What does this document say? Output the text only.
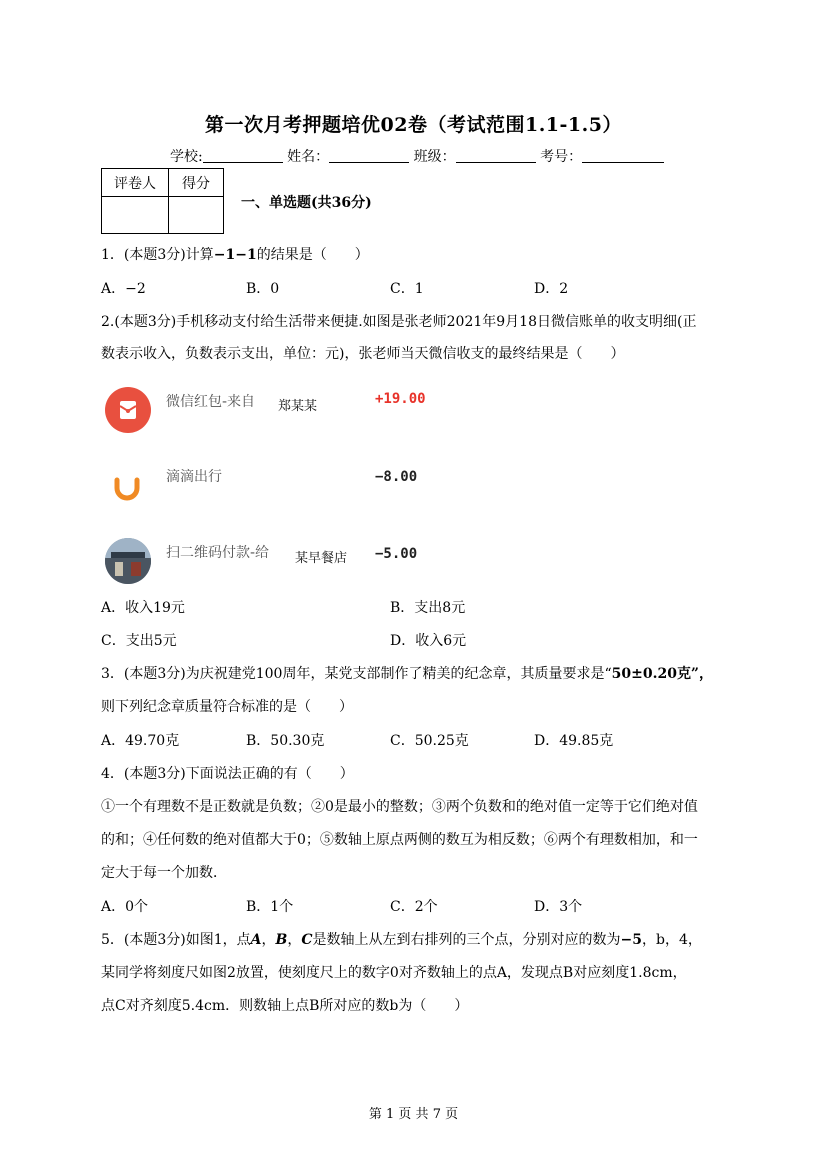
第一次月考押题培优02卷（考试范围1.1-1.5）
学校:	姓名：	班级：	考号：
评卷人	得分

一、单选题(共36分)
1．(本题3分)计算−1−1的结果是（　　）
A．−2	B．0	C．1	D．2
2.(本题3分)手机移动支付给生活带来便捷.如图是张老师2021年9月18日微信账单的收支明细(正
数表示收入，负数表示支出，单位：元)，张老师当天微信收支的最终结果是（　　）
微信红包-来自 郑某某	+19.00
滴滴出行	−8.00
扫二维码付款-给 某早餐店 −5.00
A．收入19元	B．支出8元
C．支出5元	D．收入6元
3．(本题3分)为庆祝建党100周年，某党支部制作了精美的纪念章，其质量要求是“50±0.20克”，
则下列纪念章质量符合标准的是（　　）
A．49.70克	B．50.30克	C．50.25克	D．49.85克
4．(本题3分)下面说法正确的有（　　）
①一个有理数不是正数就是负数；②0是最小的整数；③两个负数和的绝对值一定等于它们绝对值
的和；④任何数的绝对值都大于0；⑤数轴上原点两侧的数互为相反数；⑥两个有理数相加，和一
定大于每一个加数．
A．0个	B．1个	C．2个	D．3个
5．(本题3分)如图1，点A，B，C是数轴上从左到右排列的三个点，分别对应的数为−5，b，4，
某同学将刻度尺如图2放置，使刻度尺上的数字0对齐数轴上的点A，发现点B对应刻度1.8cm，
点C对齐刻度5.4cm．则数轴上点B所对应的数b为（　　）
第 1 页 共 7 页
